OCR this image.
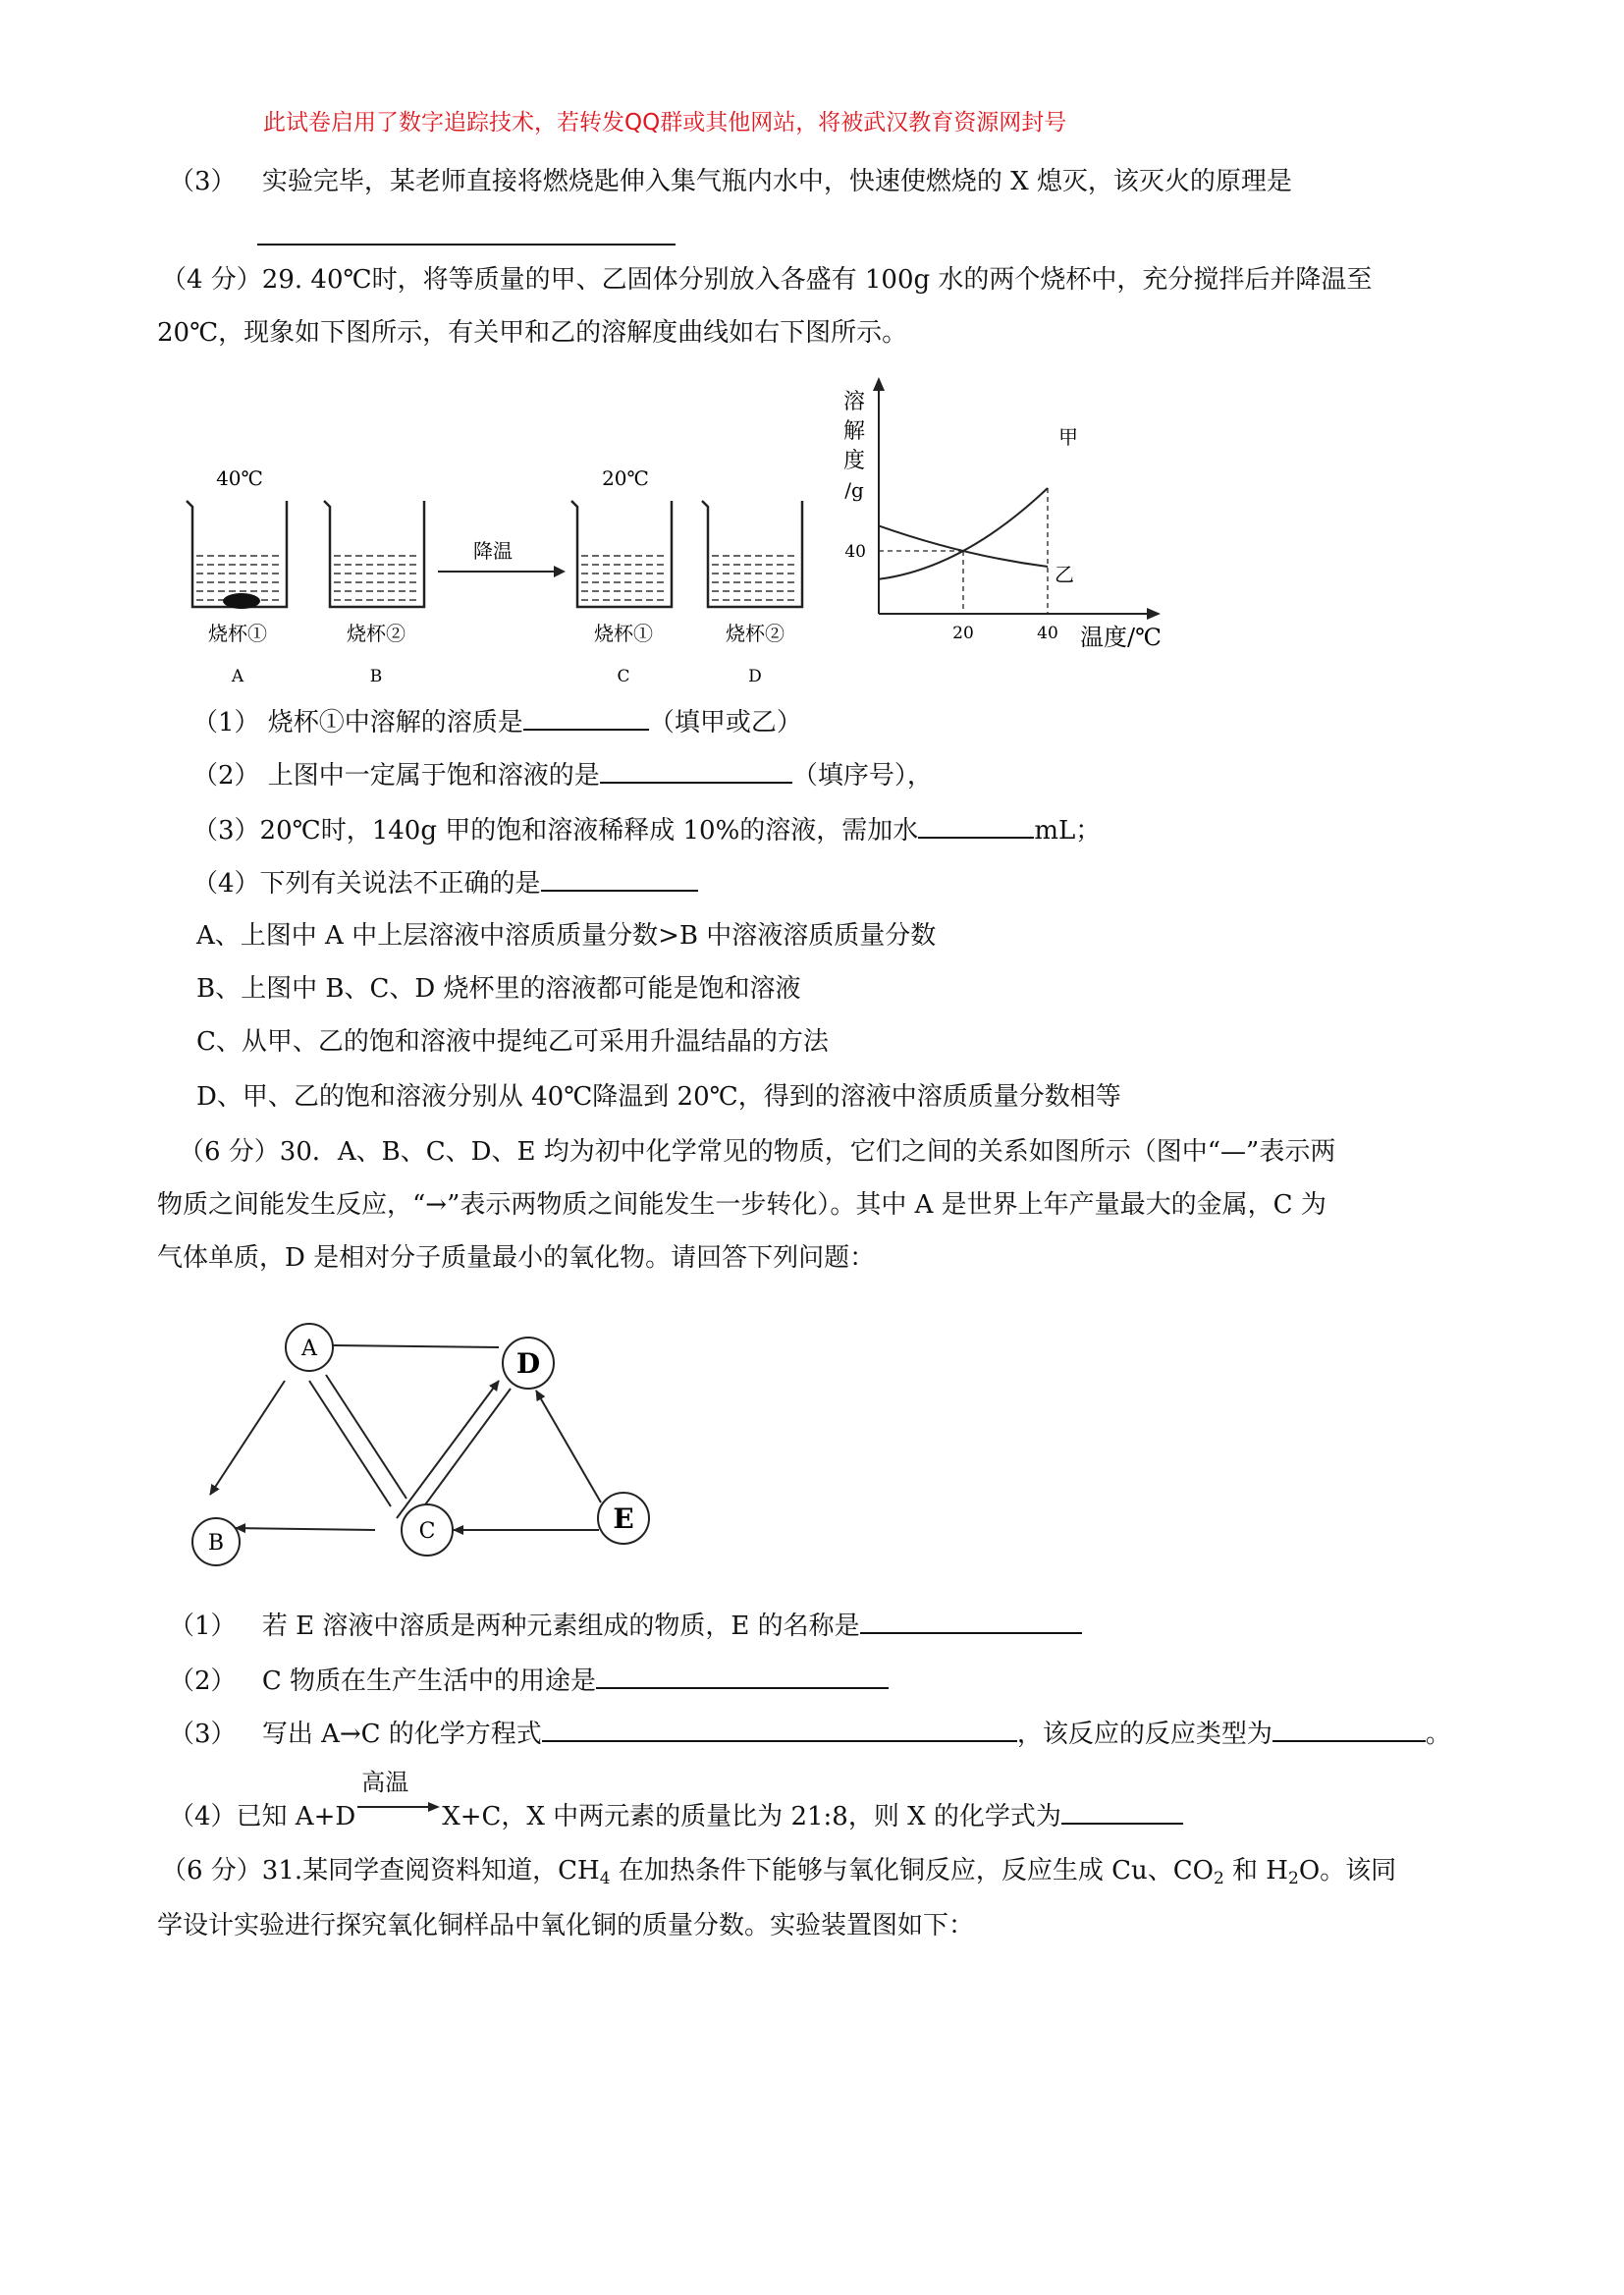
此试卷启用了数字追踪技术，若转发QQ群或其他网站，将被武汉教育资源网封号
（3） 实验完毕，某老师直接将燃烧匙伸入集气瓶内水中，快速使燃烧的 X 熄灭，该灭火的原理是
（4 分）29. 40℃时，将等质量的甲、乙固体分别放入各盛有 100g 水的两个烧杯中，充分搅拌后并降温至
20℃，现象如下图所示，有关甲和乙的溶解度曲线如右下图所示。
40℃	20℃
降温
烧杯①	烧杯②	烧杯①	烧杯②
A	B	C	D
溶
解
度
/g
40
20	40 温度/℃
甲
乙
（1） 烧杯①中溶解的溶质是	（填甲或乙）
（2） 上图中一定属于饱和溶液的是	（填序号），
（3）20℃时，140g 甲的饱和溶液稀释成 10%的溶液，需加水	mL；
（4）下列有关说法不正确的是
A、上图中 A 中上层溶液中溶质质量分数>B 中溶液溶质质量分数
B、上图中 B、C、D 烧杯里的溶液都可能是饱和溶液
C、从甲、乙的饱和溶液中提纯乙可采用升温结晶的方法
D、甲、乙的饱和溶液分别从 40℃降温到 20℃，得到的溶液中溶质质量分数相等
（6 分）30．A、B、C、D、E 均为初中化学常见的物质，它们之间的关系如图所示（图中“—”表示两
物质之间能发生反应，“→”表示两物质之间能发生一步转化）。其中 A 是世界上年产量最大的金属，C 为
气体单质，D 是相对分子质量最小的氧化物。请回答下列问题：
A	D
B	C	E
（1） 若 E 溶液中溶质是两种元素组成的物质，E 的名称是
（2） C 物质在生产生活中的用途是
（3） 写出 A→C 的化学方程式	，该反应的反应类型为	。
（4）已知 A+D
高温
X+C，X 中两元素的质量比为 21:8，则 X 的化学式为
（6 分）31.某同学查阅资料知道，$CH_4$ 在加热条件下能够与氧化铜反应，反应生成 Cu、$CO_2$ 和 $H_2O$。该同
学设计实验进行探究氧化铜样品中氧化铜的质量分数。实验装置图如下：
